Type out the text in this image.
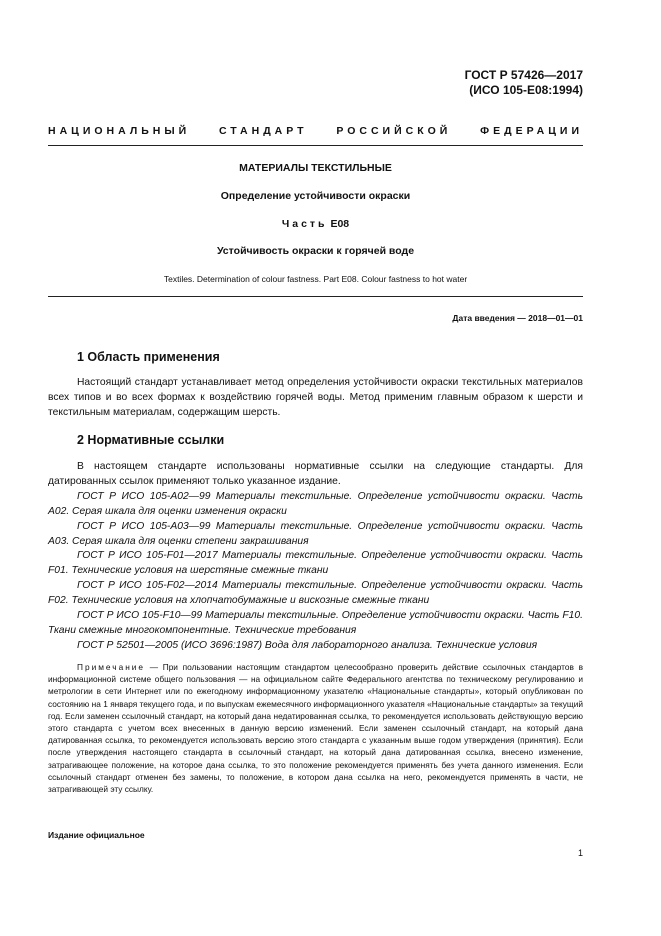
ГОСТ Р 57426—2017
(ИСО 105-Е08:1994)
НАЦИОНАЛЬНЫЙ СТАНДАРТ РОССИЙСКОЙ ФЕДЕРАЦИИ
МАТЕРИАЛЫ ТЕКСТИЛЬНЫЕ
Определение устойчивости окраски
Часть Е08
Устойчивость окраски к горячей воде
Textiles. Determination of colour fastness. Part E08. Colour fastness to hot water
Дата введения — 2018—01—01
1 Область применения
Настоящий стандарт устанавливает метод определения устойчивости окраски текстильных материалов всех типов и во всех формах к воздействию горячей воды. Метод применим главным образом к шерсти и текстильным материалам, содержащим шерсть.
2 Нормативные ссылки
В настоящем стандарте использованы нормативные ссылки на следующие стандарты. Для датированных ссылок применяют только указанное издание.
ГОСТ Р ИСО 105-А02—99 Материалы текстильные. Определение устойчивости окраски. Часть А02. Серая шкала для оценки изменения окраски
ГОСТ Р ИСО 105-А03—99 Материалы текстильные. Определение устойчивости окраски. Часть А03. Серая шкала для оценки степени закрашивания
ГОСТ Р ИСО 105-F01—2017 Материалы текстильные. Определение устойчивости окраски. Часть F01. Технические условия на шерстяные смежные ткани
ГОСТ Р ИСО 105-F02—2014 Материалы текстильные. Определение устойчивости окраски. Часть F02. Технические условия на хлопчатобумажные и вискозные смежные ткани
ГОСТ Р ИСО 105-F10—99 Материалы текстильные. Определение устойчивости окраски. Часть F10. Ткани смежные многокомпонентные. Технические требования
ГОСТ Р 52501—2005 (ИСО 3696:1987) Вода для лабораторного анализа. Технические условия
Примечание — При пользовании настоящим стандартом целесообразно проверить действие ссылочных стандартов в информационной системе общего пользования — на официальном сайте Федерального агентства по техническому регулированию и метрологии в сети Интернет или по ежегодному информационному указателю «Национальные стандарты», который опубликован по состоянию на 1 января текущего года, и по выпускам ежемесячного информационного указателя «Национальные стандарты» за текущий год. Если заменен ссылочный стандарт, на который дана недатированная ссылка, то рекомендуется использовать действующую версию этого стандарта с учетом всех внесенных в данную версию изменений. Если заменен ссылочный стандарт, на который дана датированная ссылка, то рекомендуется использовать версию этого стандарта с указанным выше годом утверждения (принятия). Если после утверждения настоящего стандарта в ссылочный стандарт, на который дана датированная ссылка, внесено изменение, затрагивающее положение, на которое дана ссылка, то это положение рекомендуется применять без учета данного изменения. Если ссылочный стандарт отменен без замены, то положение, в котором дана ссылка на него, рекомендуется применять в части, не затрагивающей эту ссылку.
Издание официальное
1
